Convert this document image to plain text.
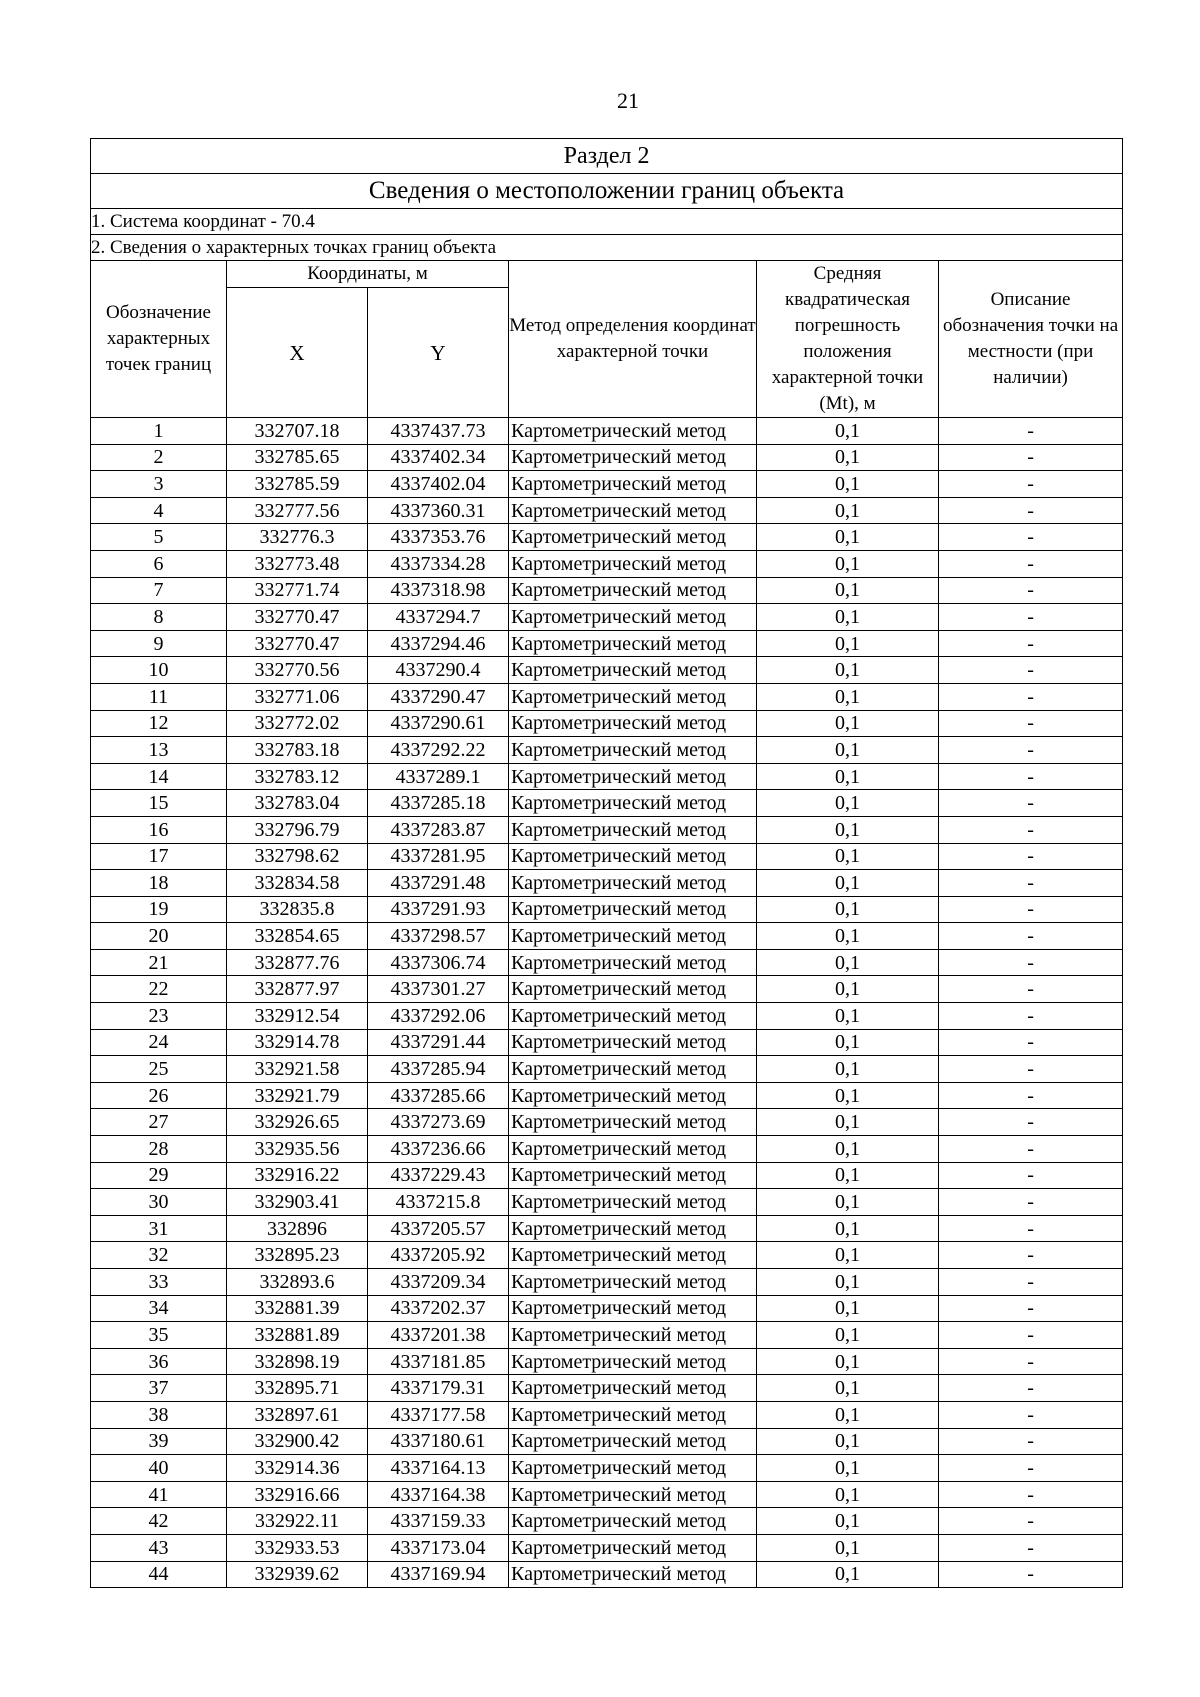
21
Раздел 2					
Сведения о местоположении границ объекта					
1. Система координат - 70.4					
2. Сведения о характерных точках границ объекта					
Обозначение характерных точек границ	Координаты, м		Метод определения координат характерной точки	Средняя квадратическая погрешность положения характерной точки (Mt), м	Описание обозначения точки на местности (при наличии)
	X	Y			
1	332707.18	4337437.73	Картометрический метод	0,1	-
2	332785.65	4337402.34	Картометрический метод	0,1	-
3	332785.59	4337402.04	Картометрический метод	0,1	-
4	332777.56	4337360.31	Картометрический метод	0,1	-
5	332776.3	4337353.76	Картометрический метод	0,1	-
6	332773.48	4337334.28	Картометрический метод	0,1	-
7	332771.74	4337318.98	Картометрический метод	0,1	-
8	332770.47	4337294.7	Картометрический метод	0,1	-
9	332770.47	4337294.46	Картометрический метод	0,1	-
10	332770.56	4337290.4	Картометрический метод	0,1	-
11	332771.06	4337290.47	Картометрический метод	0,1	-
12	332772.02	4337290.61	Картометрический метод	0,1	-
13	332783.18	4337292.22	Картометрический метод	0,1	-
14	332783.12	4337289.1	Картометрический метод	0,1	-
15	332783.04	4337285.18	Картометрический метод	0,1	-
16	332796.79	4337283.87	Картометрический метод	0,1	-
17	332798.62	4337281.95	Картометрический метод	0,1	-
18	332834.58	4337291.48	Картометрический метод	0,1	-
19	332835.8	4337291.93	Картометрический метод	0,1	-
20	332854.65	4337298.57	Картометрический метод	0,1	-
21	332877.76	4337306.74	Картометрический метод	0,1	-
22	332877.97	4337301.27	Картометрический метод	0,1	-
23	332912.54	4337292.06	Картометрический метод	0,1	-
24	332914.78	4337291.44	Картометрический метод	0,1	-
25	332921.58	4337285.94	Картометрический метод	0,1	-
26	332921.79	4337285.66	Картометрический метод	0,1	-
27	332926.65	4337273.69	Картометрический метод	0,1	-
28	332935.56	4337236.66	Картометрический метод	0,1	-
29	332916.22	4337229.43	Картометрический метод	0,1	-
30	332903.41	4337215.8	Картометрический метод	0,1	-
31	332896	4337205.57	Картометрический метод	0,1	-
32	332895.23	4337205.92	Картометрический метод	0,1	-
33	332893.6	4337209.34	Картометрический метод	0,1	-
34	332881.39	4337202.37	Картометрический метод	0,1	-
35	332881.89	4337201.38	Картометрический метод	0,1	-
36	332898.19	4337181.85	Картометрический метод	0,1	-
37	332895.71	4337179.31	Картометрический метод	0,1	-
38	332897.61	4337177.58	Картометрический метод	0,1	-
39	332900.42	4337180.61	Картометрический метод	0,1	-
40	332914.36	4337164.13	Картометрический метод	0,1	-
41	332916.66	4337164.38	Картометрический метод	0,1	-
42	332922.11	4337159.33	Картометрический метод	0,1	-
43	332933.53	4337173.04	Картометрический метод	0,1	-
44	332939.62	4337169.94	Картометрический метод	0,1	-
